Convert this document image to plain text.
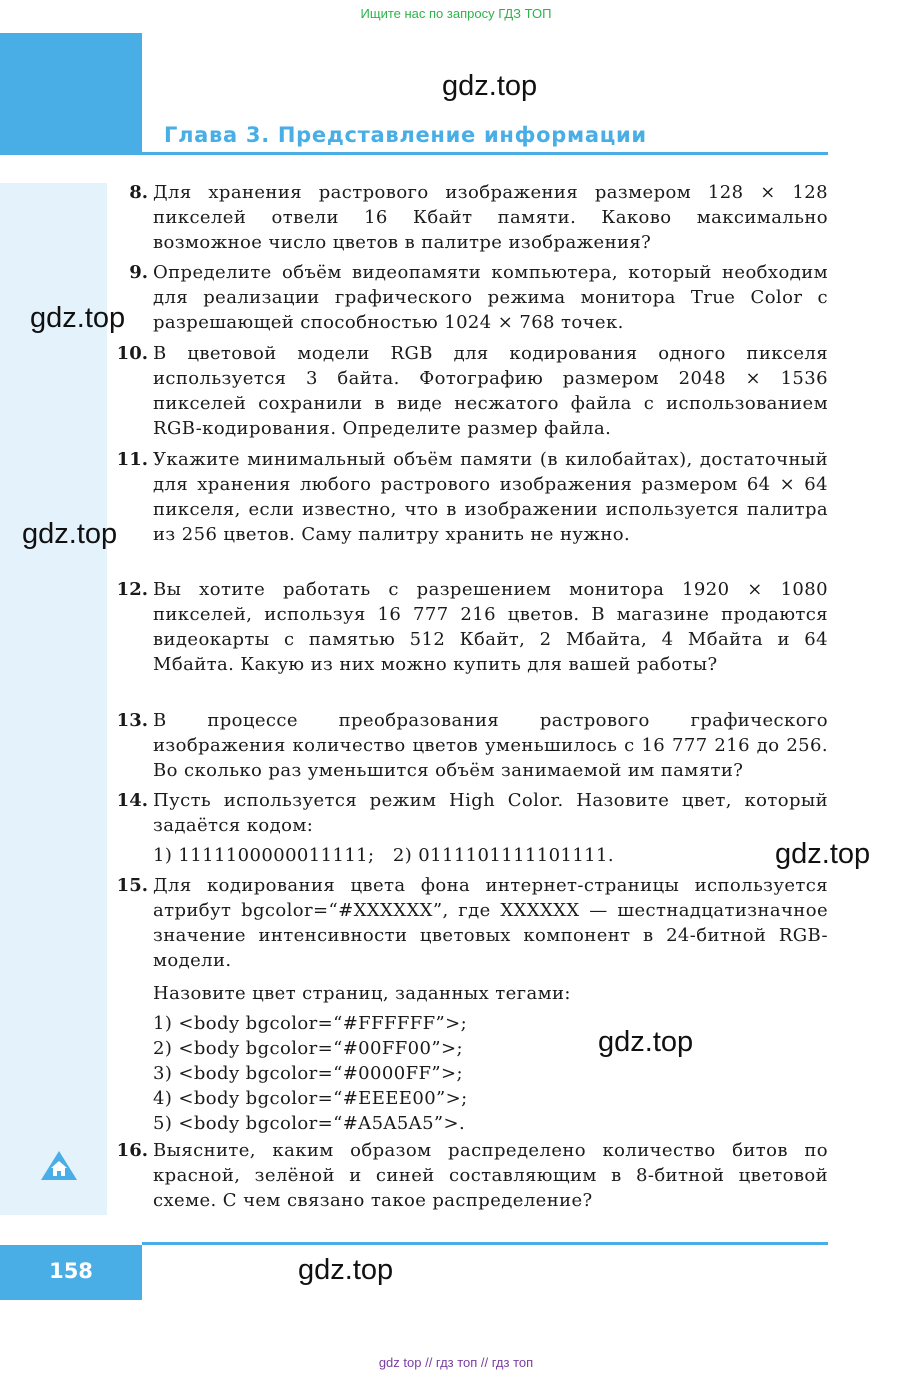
Ищите нас по запросу ГДЗ ТОП
gdz.top
Глава 3. Представление информации
8. Для хранения растрового изображения размером 128 × 128 пикселей отвели 16 Кбайт памяти. Каково максимально возможное число цветов в палитре изображения?

9. Определите объём видеопамяти компьютера, который необходим для реализации графического режима монитора True Color с разрешающей способностью 1024 × 768 точек.

gdz.top
10. В цветовой модели RGB для кодирования одного пикселя используется 3 байта. Фотографию размером 2048 × 1536 пикселей сохранили в виде несжатого файла с использованием RGB-кодирования. Определите размер файла.

11. Укажите минимальный объём памяти (в килобайтах), достаточный для хранения любого растрового изображения размером 64 × 64 пикселя, если известно, что в изображении используется палитра из 256 цветов. Саму палитру хранить не нужно.

gdz.top
12. Вы хотите работать с разрешением монитора 1920 × 1080 пикселей, используя 16 777 216 цветов. В магазине продаются видеокарты с памятью 512 Кбайт, 2 Мбайта, 4 Мбайта и 64 Мбайта. Какую из них можно купить для вашей работы?

13. В процессе преобразования растрового графического изображения количество цветов уменьшилось с 16 777 216 до 256. Во сколько раз уменьшится объём занимаемой им памяти?

14. Пусть используется режим High Color. Назовите цвет, который задаётся кодом:

1) 1111100000011111;   2) 0111101111101111.	gdz.top
15. Для кодирования цвета фона интернет-страницы используется атрибут bgcolor=“#XXXXXX”, где XXXXXX — шестнадцатизначное значение интенсивности цветовых компонент в 24-битной RGB-модели.

Назовите цвет страниц, заданных тегами:

1) <body bgcolor=“#FFFFFF”>;

2) <body bgcolor=“#00FF00”>;

3) <body bgcolor=“#0000FF”>;

4) <body bgcolor=“#EEEE00”>;

5) <body bgcolor=“#A5A5A5”>.

gdz.top
16. Выясните, каким образом распределено количество битов по красной, зелёной и синей составляющим в 8-битной цветовой схеме. С чем связано такое распределение?

158	gdz.top
gdz top // гдз топ // гдз топ
